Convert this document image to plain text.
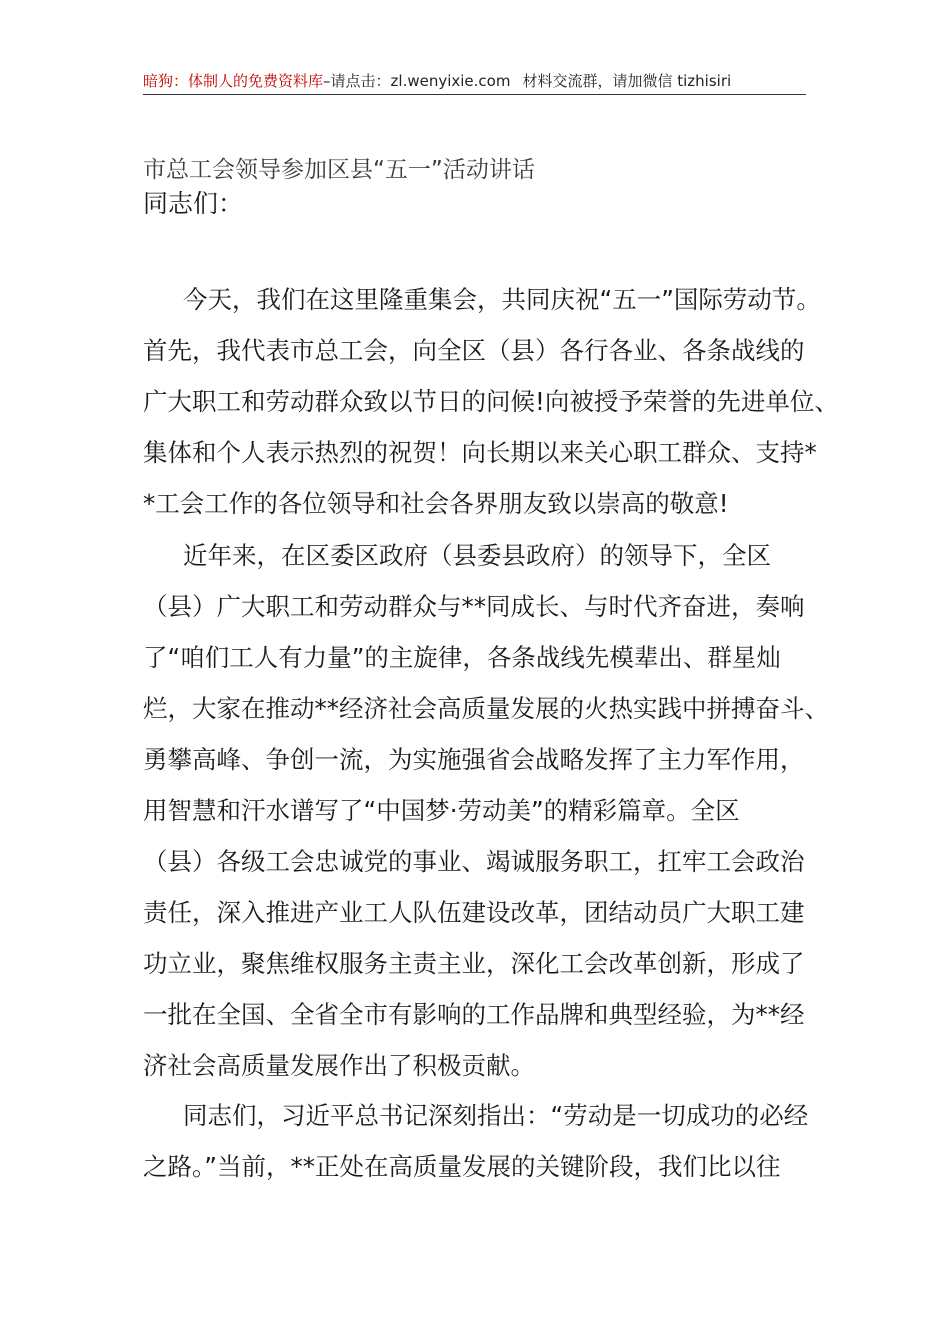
暗狗：体制人的免费资料库–请点击：zl.wenyixie.com 材料交流群，请加微信 tizhisiri
市总工会领导参加区县“五一”活动讲话
同志们：
今天，我们在这里隆重集会，共同庆祝“五一”国际劳动节。
首先，我代表市总工会，向全区（县）各行各业、各条战线的
广大职工和劳动群众致以节日的问候!向被授予荣誉的先进单位、
集体和个人表示热烈的祝贺！向长期以来关心职工群众、支持*
*工会工作的各位领导和社会各界朋友致以崇高的敬意!
近年来，在区委区政府（县委县政府）的领导下，全区
（县）广大职工和劳动群众与**同成长、与时代齐奋进，奏响
了“咱们工人有力量”的主旋律，各条战线先模辈出、群星灿
烂，大家在推动**经济社会高质量发展的火热实践中拼搏奋斗、
勇攀高峰、争创一流，为实施强省会战略发挥了主力军作用，
用智慧和汗水谱写了“中国梦·劳动美”的精彩篇章。全区
（县）各级工会忠诚党的事业、竭诚服务职工，扛牢工会政治
责任，深入推进产业工人队伍建设改革，团结动员广大职工建
功立业，聚焦维权服务主责主业，深化工会改革创新，形成了
一批在全国、全省全市有影响的工作品牌和典型经验，为**经
济社会高质量发展作出了积极贡献。
同志们，习近平总书记深刻指出：“劳动是一切成功的必经
之路。”当前，**正处在高质量发展的关键阶段，我们比以往
